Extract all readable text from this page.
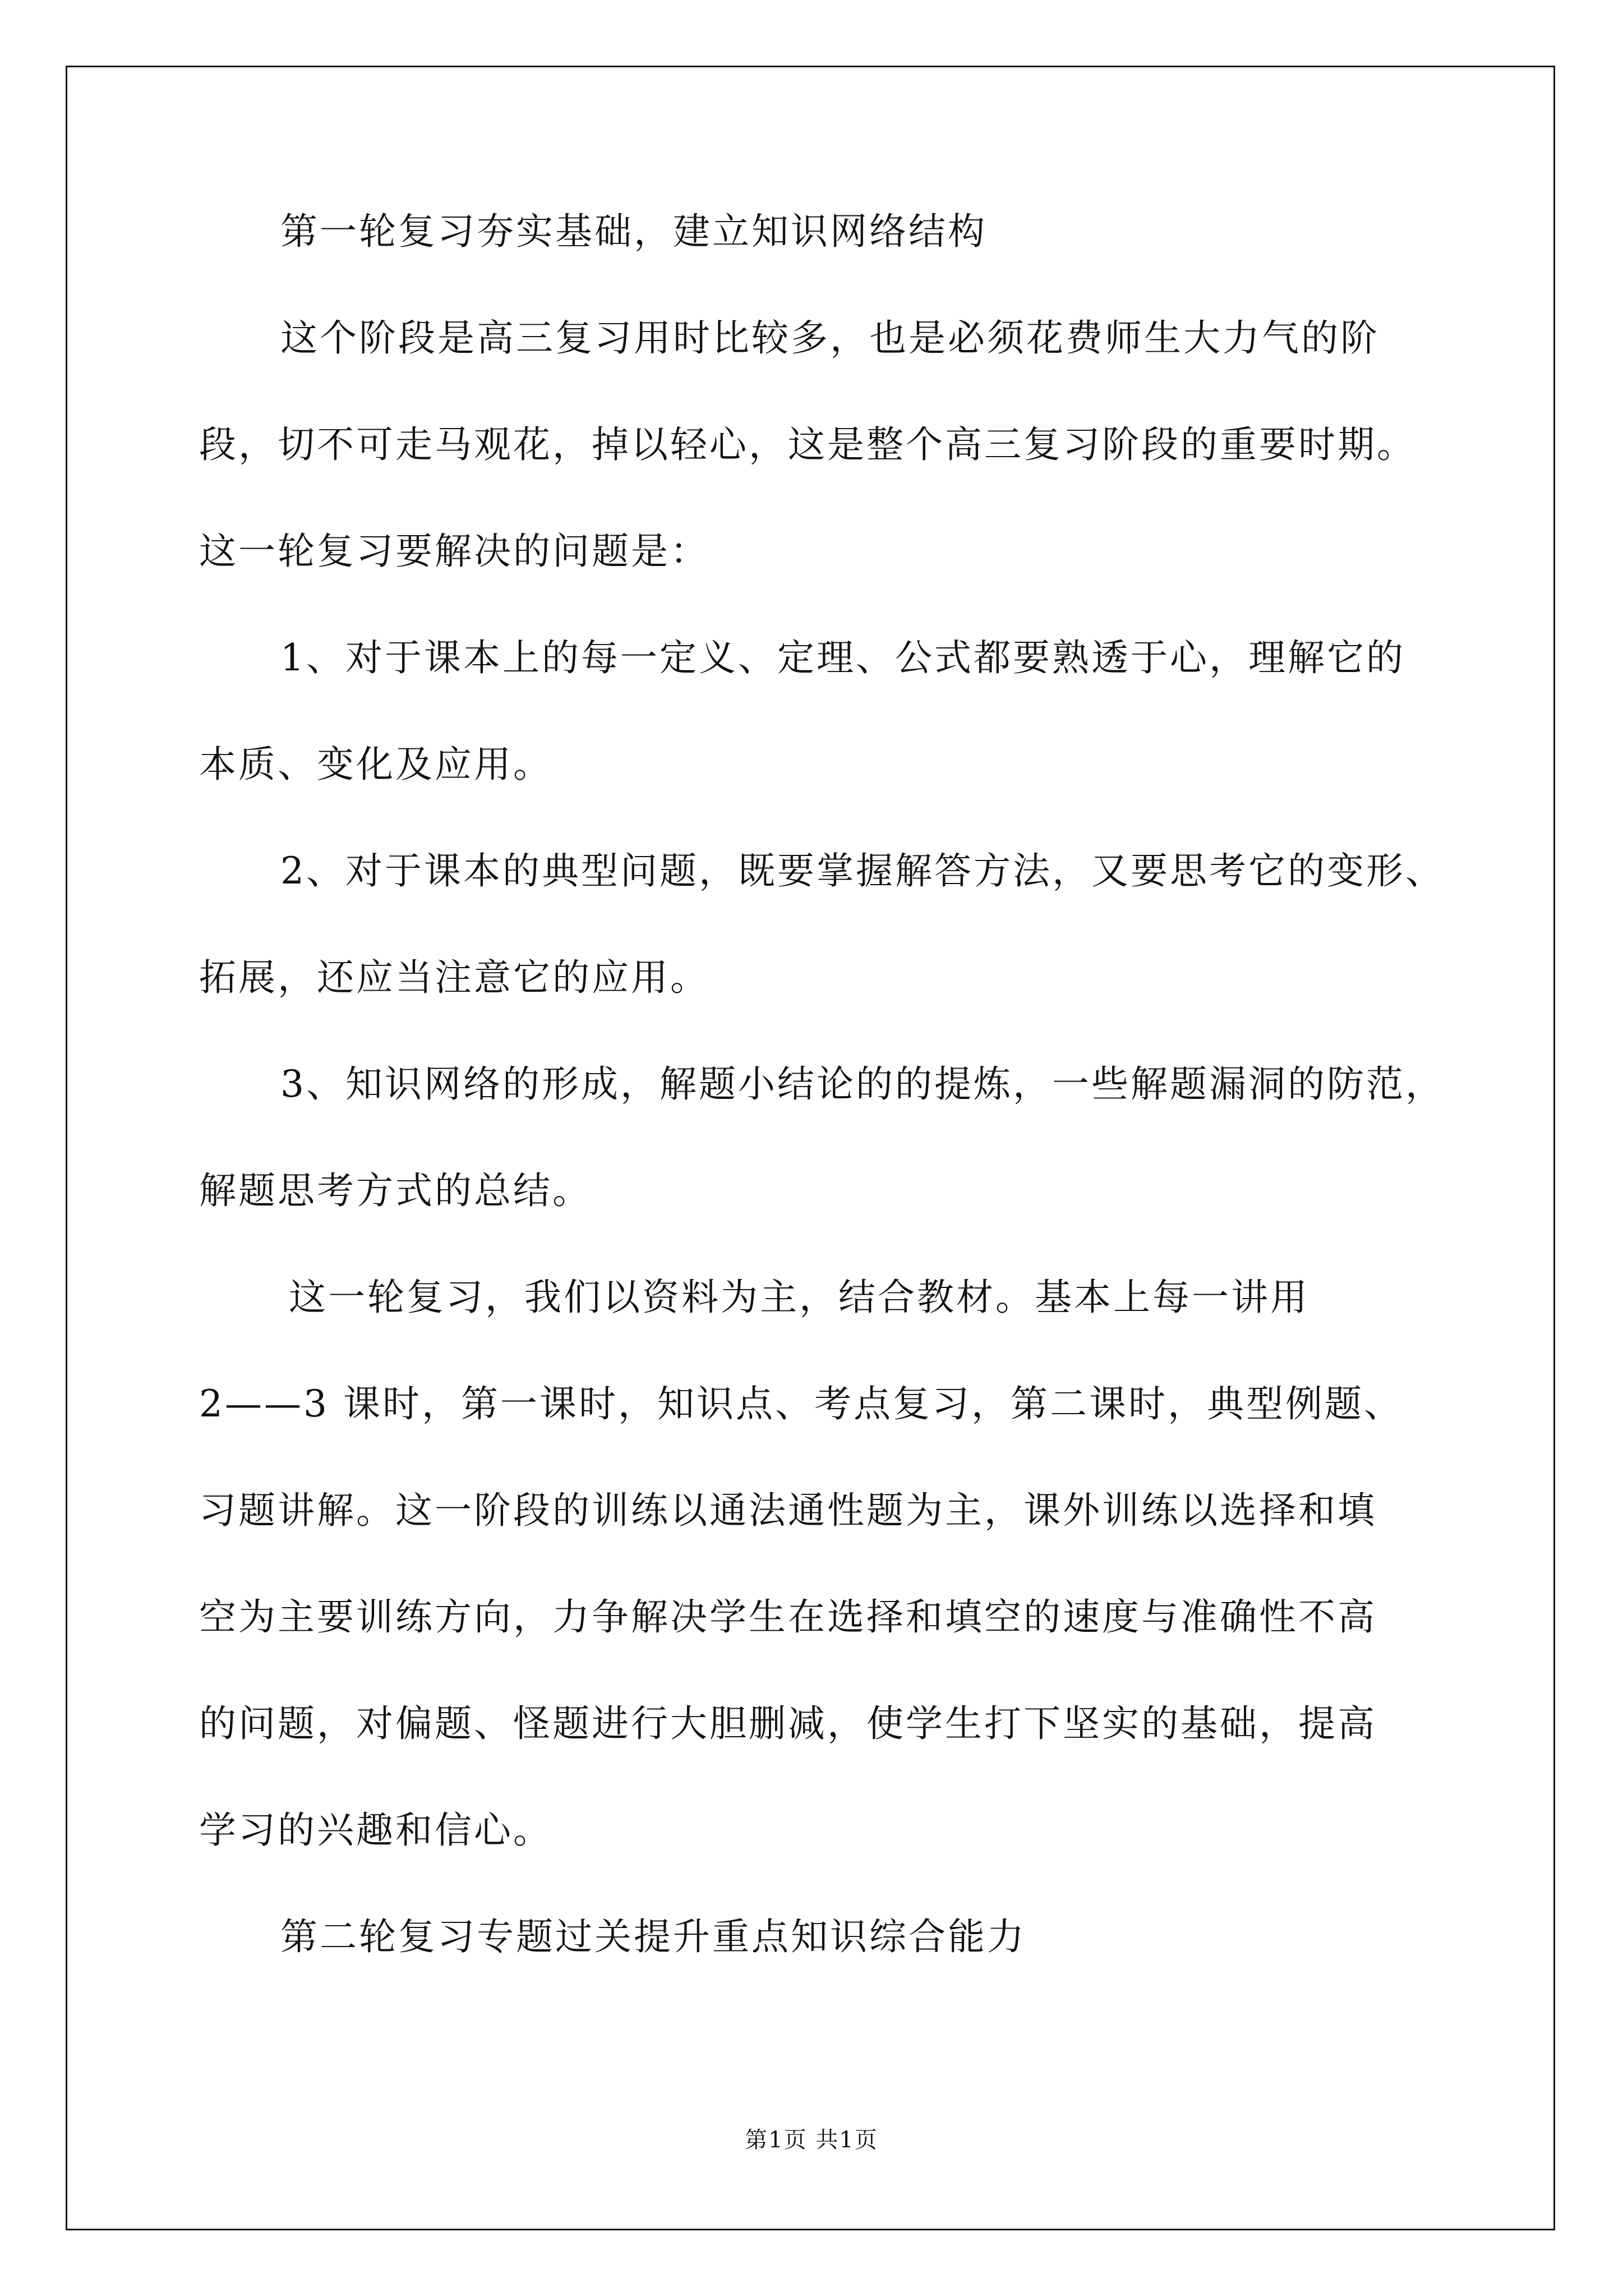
第一轮复习夯实基础，建立知识网络结构
这个阶段是高三复习用时比较多，也是必须花费师生大力气的阶
段，切不可走马观花，掉以轻心，这是整个高三复习阶段的重要时期。
这一轮复习要解决的问题是：
1、对于课本上的每一定义、定理、公式都要熟透于心，理解它的
本质、变化及应用。
2、对于课本的典型问题，既要掌握解答方法，又要思考它的变形、
拓展，还应当注意它的应用。
3、知识网络的形成，解题小结论的的提炼，一些解题漏洞的防范，
解题思考方式的总结。
这一轮复习，我们以资料为主，结合教材。基本上每一讲用
2——3 课时，第一课时，知识点、考点复习，第二课时，典型例题、
习题讲解。这一阶段的训练以通法通性题为主，课外训练以选择和填
空为主要训练方向，力争解决学生在选择和填空的速度与准确性不高
的问题，对偏题、怪题进行大胆删减，使学生打下坚实的基础，提高
学习的兴趣和信心。
第二轮复习专题过关提升重点知识综合能力
第1页 共1页
